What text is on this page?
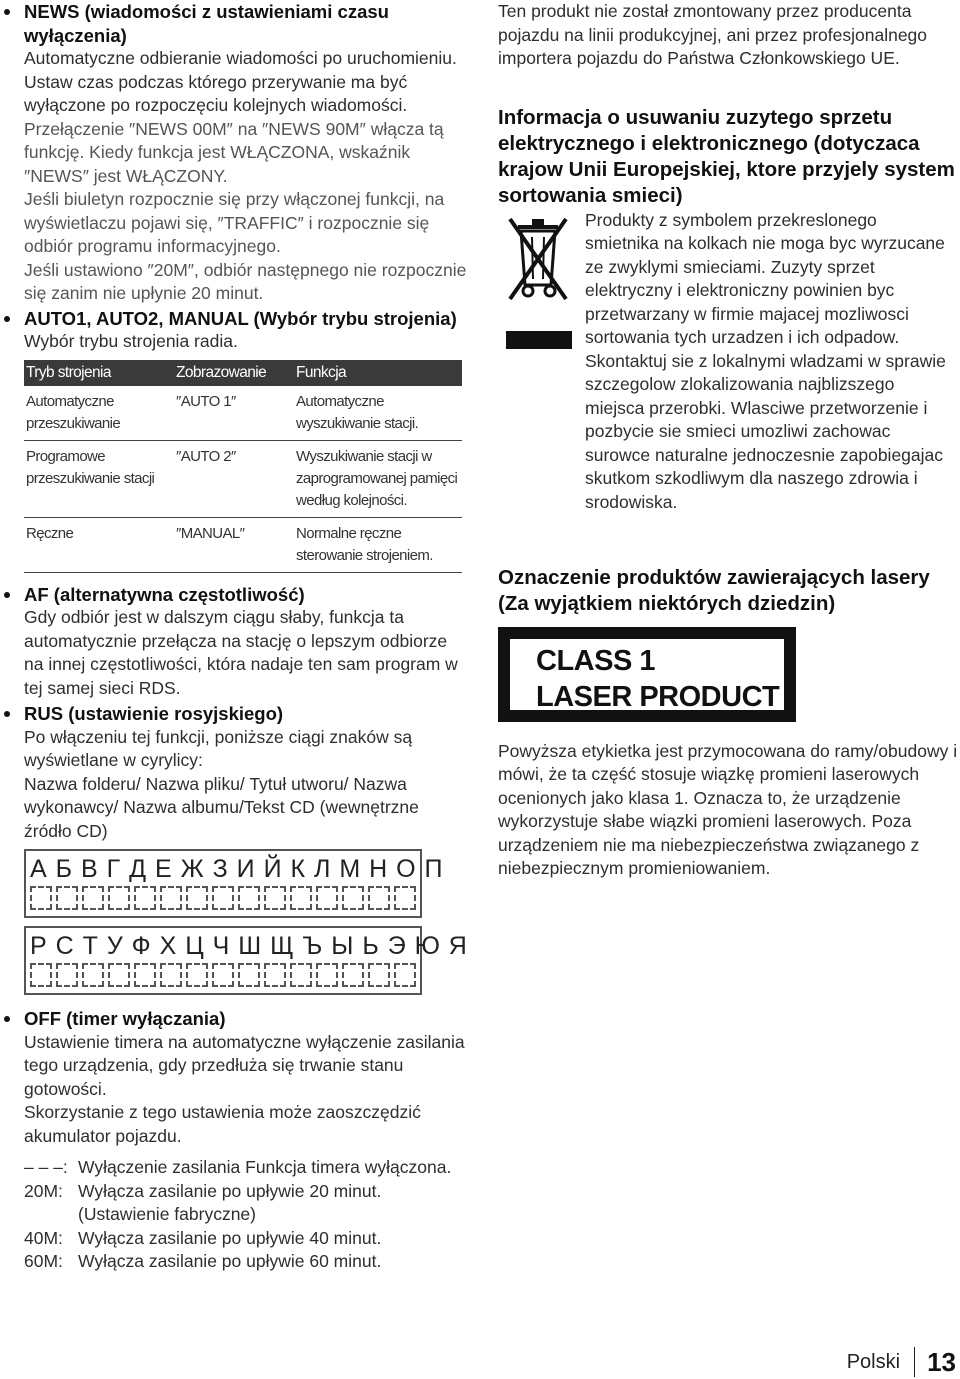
NEWS (wiadomości z ustawieniami czasu wyłączenia)
Automatyczne odbieranie wiadomości po uruchomieniu. Ustaw czas podczas którego przerywanie ma być wyłączone po rozpoczęciu kolejnych wiadomości.
Przełączenie ″NEWS 00M″ na ″NEWS 90M″ włącza tą funkcję. Kiedy funkcja jest WŁĄCZONA, wskaźnik ″NEWS″ jest WŁĄCZONY.
Jeśli biuletyn rozpocznie się przy włączonej funkcji, na wyświetlaczu pojawi się, ″TRAFFIC″ i rozpocznie się odbiór programu informacyjnego.
Jeśli ustawiono ″20M″, odbiór następnego nie rozpocznie się zanim nie upłynie 20 minut.
AUTO1, AUTO2, MANUAL (Wybór trybu strojenia)
Wybór trybu strojenia radia.
Tryb strojenia	Zobrazowanie	Funkcja
Automatyczne przeszukiwanie	″AUTO 1″	Automatyczne wyszukiwanie stacji.
Programowe przeszukiwanie stacji	″AUTO 2″	Wyszukiwanie stacji w zaprogramowanej pamięci według kolejności.
Ręczne	″MANUAL″	Normalne ręczne sterowanie strojeniem.
AF (alternatywna częstotliwość)
Gdy odbiór jest w dalszym ciągu słaby, funkcja ta automatycznie przełącza na stację o lepszym odbiorze na innej częstotliwości, która nadaje ten sam program w tej samej sieci RDS.
RUS (ustawienie rosyjskiego)
Po włączeniu tej funkcji, poniższe ciągi znaków są wyświetlane w cyrylicy:
Nazwa folderu/ Nazwa pliku/ Tytuł utworu/ Nazwa wykonawcy/ Nazwa albumu/Tekst CD (wewnętrzne źródło CD)
А Б В Г Д Е Ж З И Й К Л М Н О П
Р С Т У Ф Х Ц Ч Ш Щ Ъ Ы Ь Э Ю Я
OFF (timer wyłączania)
Ustawienie timera na automatyczne wyłączenie zasilania tego urządzenia, gdy przedłuża się trwanie stanu gotowości.
Skorzystanie z tego ustawienia może zaoszczędzić akumulator pojazdu.
– – –: Wyłączenie zasilania Funkcja timera wyłączona.
20M: Wyłącza zasilanie po upływie 20 minut. (Ustawienie fabryczne)
40M: Wyłącza zasilanie po upływie 40 minut.
60M: Wyłącza zasilanie po upływie 60 minut.
Ten produkt nie został zmontowany przez producenta pojazdu na linii produkcyjnej, ani przez profesjonalnego importera pojazdu do Państwa Członkowskiego UE.
Informacja o usuwaniu zuzytego sprzetu elektrycznego i elektronicznego (dotyczaca krajow Unii Europejskiej, ktore przyjely system sortowania smieci)
Produkty z symbolem przekreslonego smietnika na kolkach nie moga byc wyrzucane ze zwyklymi smieciami. Zuzyty sprzet elektryczny i elektroniczny powinien byc przetwarzany w firmie majacej mozliwosci sortowania tych urzadzen i ich odpadow. Skontaktuj sie z lokalnymi wladzami w sprawie szczegolow zlokalizowania najblizszego miejsca przerobki. Wlasciwe przetworzenie i pozbycie sie smieci umozliwi zachowac surowce naturalne jednoczesnie zapobiegajac skutkom szkodliwym dla naszego zdrowia i srodowiska.
Oznaczenie produktów zawierających lasery (Za wyjątkiem niektórych dziedzin)
CLASS 1
LASER PRODUCT
Powyższa etykietka jest przymocowana do ramy/obudowy i mówi, że ta część stosuje wiązkę promieni laserowych ocenionych jako klasa 1. Oznacza to, że urządzenie wykorzystuje słabe wiązki promieni laserowych. Poza urządzeniem nie ma niebezpieczeństwa związanego z niebezpiecznym promieniowaniem.
Polski 13
